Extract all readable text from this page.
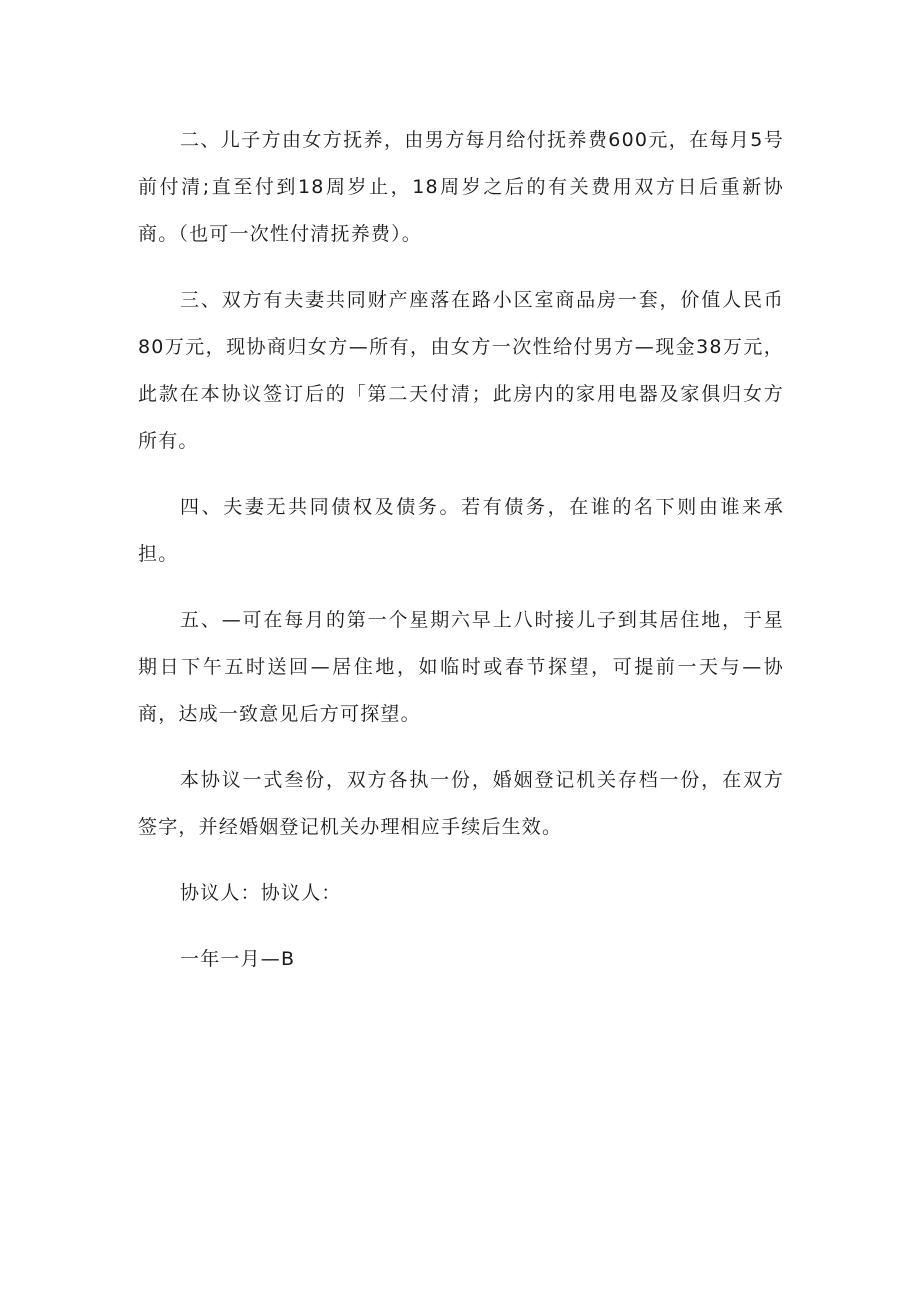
二、儿子方由女方抚养，由男方每月给付抚养费600元，在每月5号前付清;直至付到18周岁止，18周岁之后的有关费用双方日后重新协商。（也可一次性付清抚养费）。

三、双方有夫妻共同财产座落在路小区室商品房一套，价值人民币80万元，现协商归女方—所有，由女方一次性给付男方—现金38万元，此款在本协议签订后的「第二天付清；此房内的家用电器及家俱归女方所有。

四、夫妻无共同债权及债务。若有债务，在谁的名下则由谁来承担。

五、—可在每月的第一个星期六早上八时接儿子到其居住地，于星期日下午五时送回—居住地，如临时或春节探望，可提前一天与—协商，达成一致意见后方可探望。

本协议一式叁份，双方各执一份，婚姻登记机关存档一份，在双方签字，并经婚姻登记机关办理相应手续后生效。

协议人：协议人：

一年一月—B
